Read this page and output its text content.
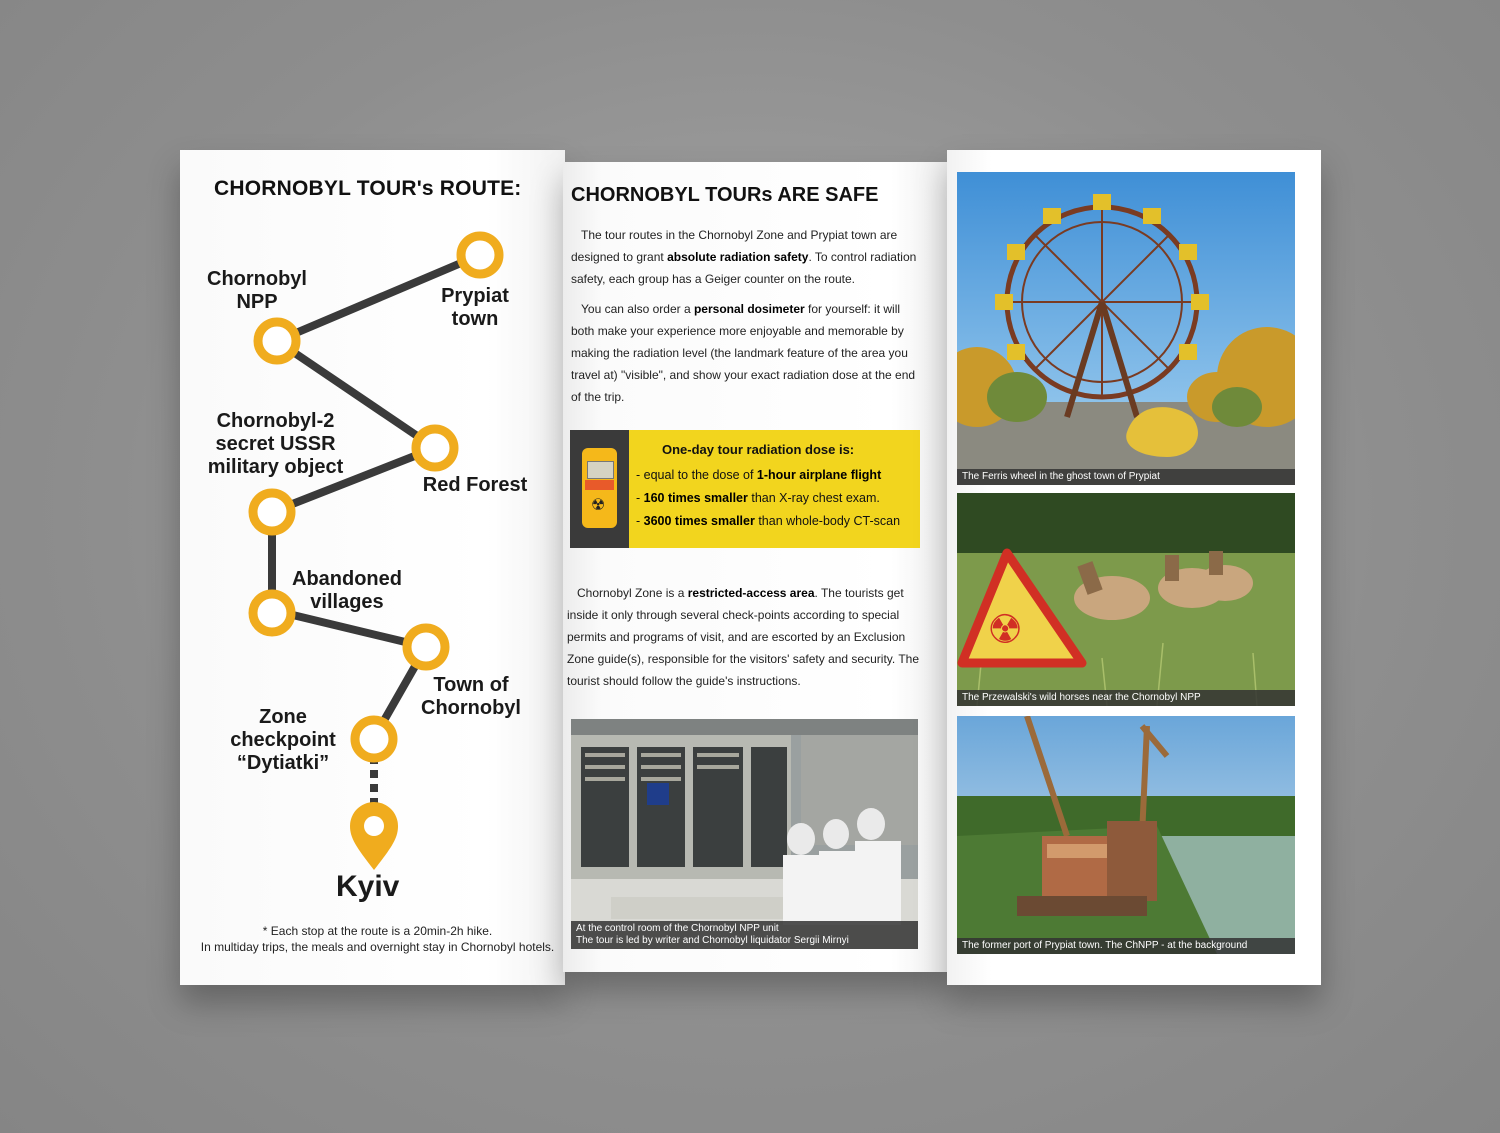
CHORNOBYL TOUR's ROUTE:
Chornobyl
NPP	Prypiat
town
Chornobyl-2
secret USSR
military object
Red Forest
Abandoned
villages
Town of
Chornobyl
Zone
checkpoint
“Dytiatki”
Kyiv
* Each stop at the route is a 20min-2h hike.
In multiday trips, the meals and overnight stay in Chornobyl hotels.
CHORNOBYL TOURs ARE SAFE
The tour routes in the Chornobyl Zone and Prypiat town are designed to grant absolute radiation safety. To control radiation safety, each group has a Geiger counter on the route.
You can also order a personal dosimeter for yourself: it will both make your experience more enjoyable and memorable by making the radiation level (the landmark feature of the area you travel at) "visible", and show your exact radiation dose at the end of the trip.
☢
One-day tour radiation dose is:
- equal to the dose of 1-hour airplane flight
- 160 times smaller than X-ray chest exam.
- 3600 times smaller than whole-body CT-scan
Chornobyl Zone is a restricted-access area. The tourists get inside it only through several check-points according to special permits and programs of visit, and are escorted by an Exclusion Zone guide(s), responsible for the visitors' safety and security. The tourist should follow the guide's instructions.
At the control room of the Chornobyl NPP unit
The tour is led by writer and Chornobyl liquidator Sergii Mirnyi
The Ferris wheel in the ghost town of Prypiat
☢
The Przewalski's wild horses near the Chornobyl NPP
The former port of Prypiat town. The ChNPP - at the background
